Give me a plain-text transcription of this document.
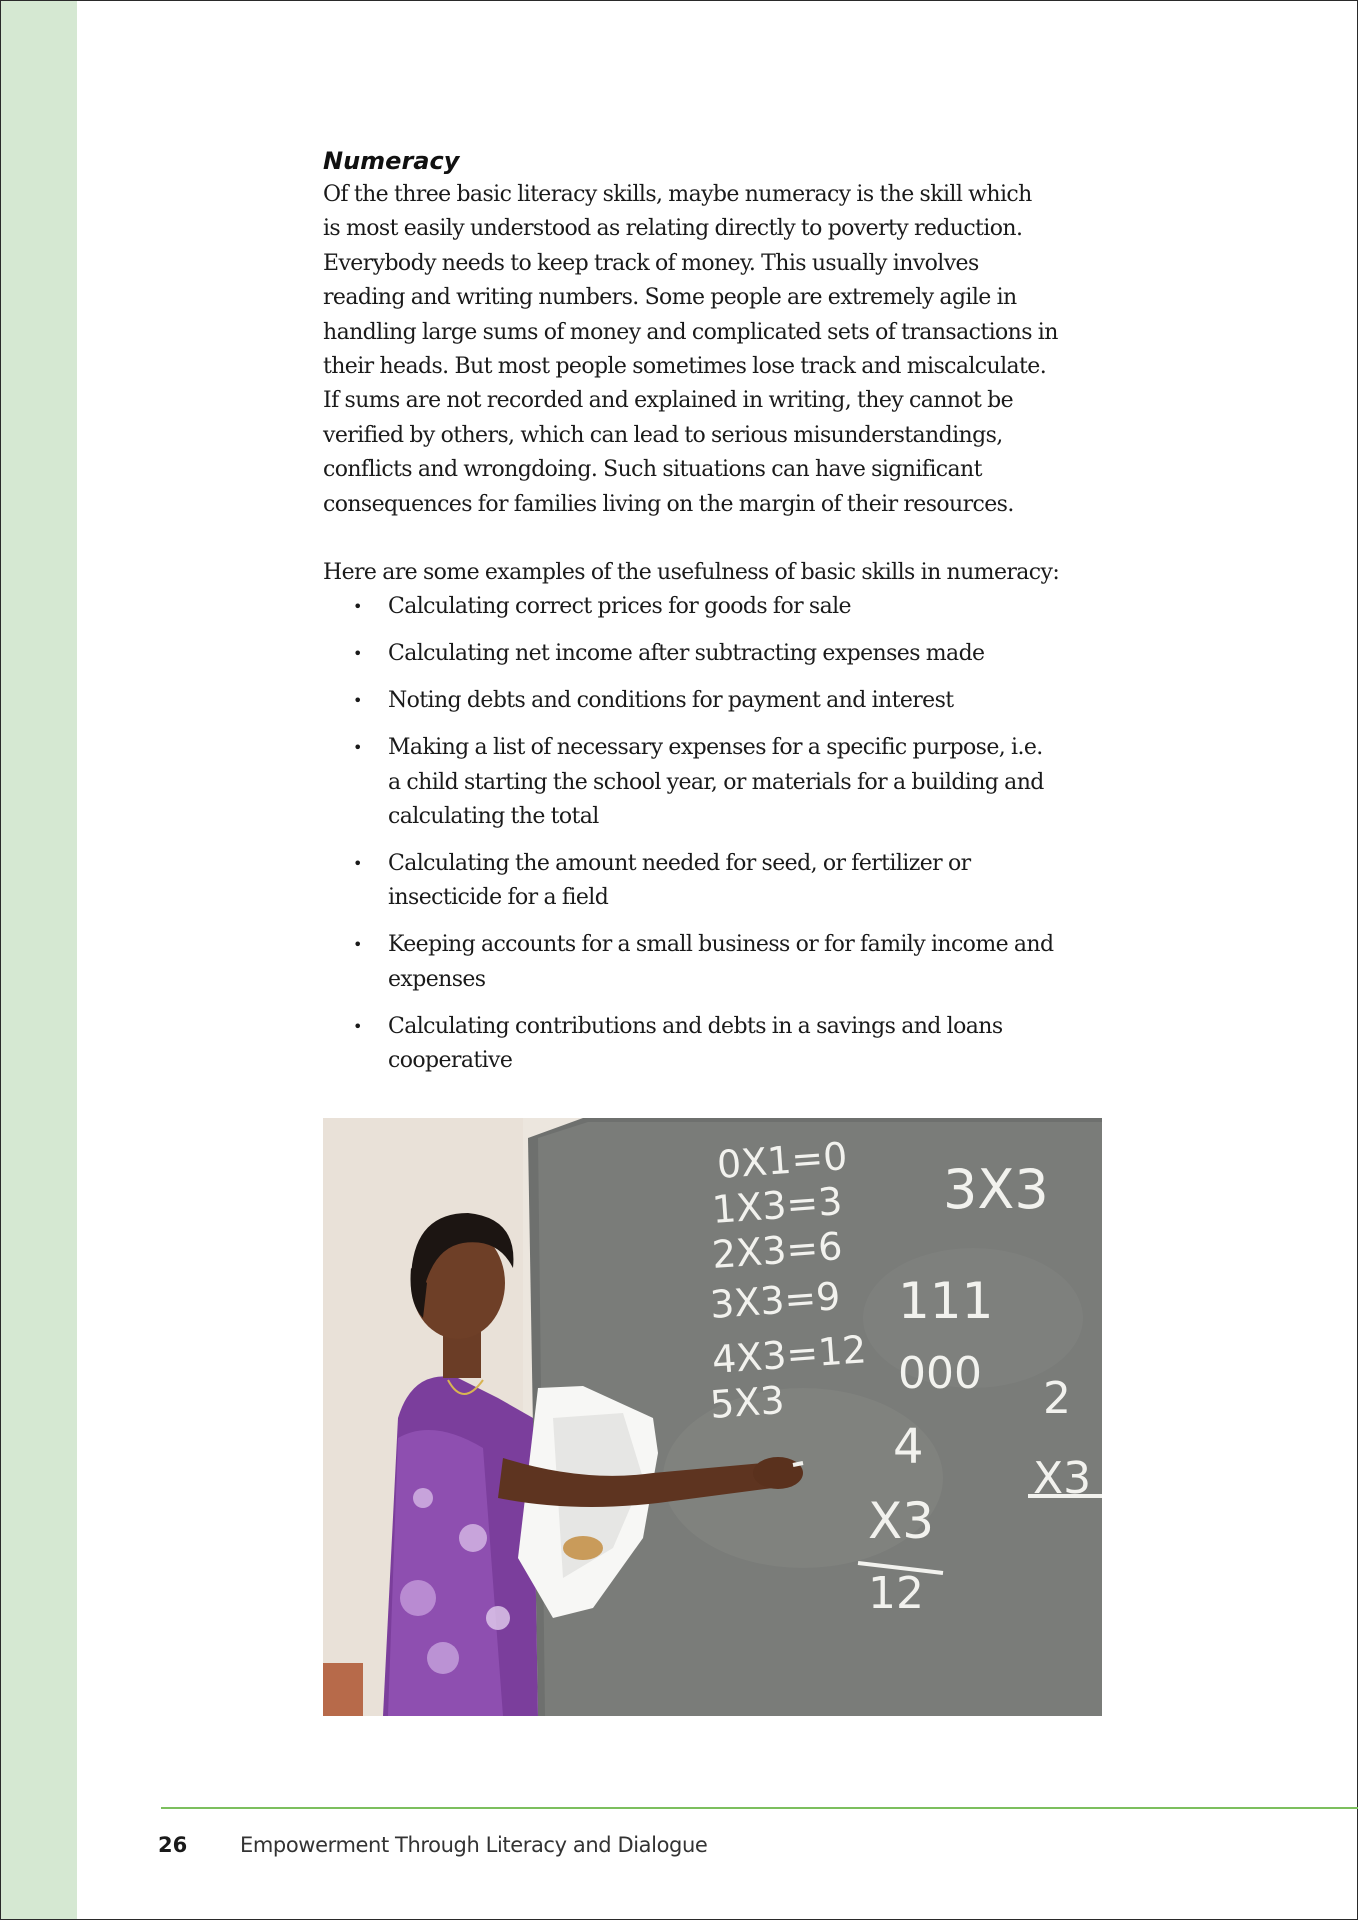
Numeracy

Of the three basic literacy skills, maybe numeracy is the skill which
is most easily understood as relating directly to poverty reduction.
Everybody needs to keep track of money. This usually involves
reading and writing numbers. Some people are extremely agile in
handling large sums of money and complicated sets of transactions in
their heads. But most people sometimes lose track and miscalculate.
If sums are not recorded and explained in writing, they cannot be
verified by others, which can lead to serious misunderstandings,
conflicts and wrongdoing. Such situations can have significant
consequences for families living on the margin of their resources.

Here are some examples of the usefulness of basic skills in numeracy:

• Calculating correct prices for goods for sale
• Calculating net income after subtracting expenses made
• Noting debts and conditions for payment and interest
• Making a list of necessary expenses for a specific purpose, i.e.
a child starting the school year, or materials for a building and
calculating the total
• Calculating the amount needed for seed, or fertilizer or
insecticide for a field
• Keeping accounts for a small business or for family income and
expenses
• Calculating contributions and debts in a savings and loans
cooperative
0X1=0
1X3=3
2X3=6
3X3=9
4X3=12
5X3
3X3
111
000
4
X3
12
2
X3
26	Empowerment Through Literacy and Dialogue
